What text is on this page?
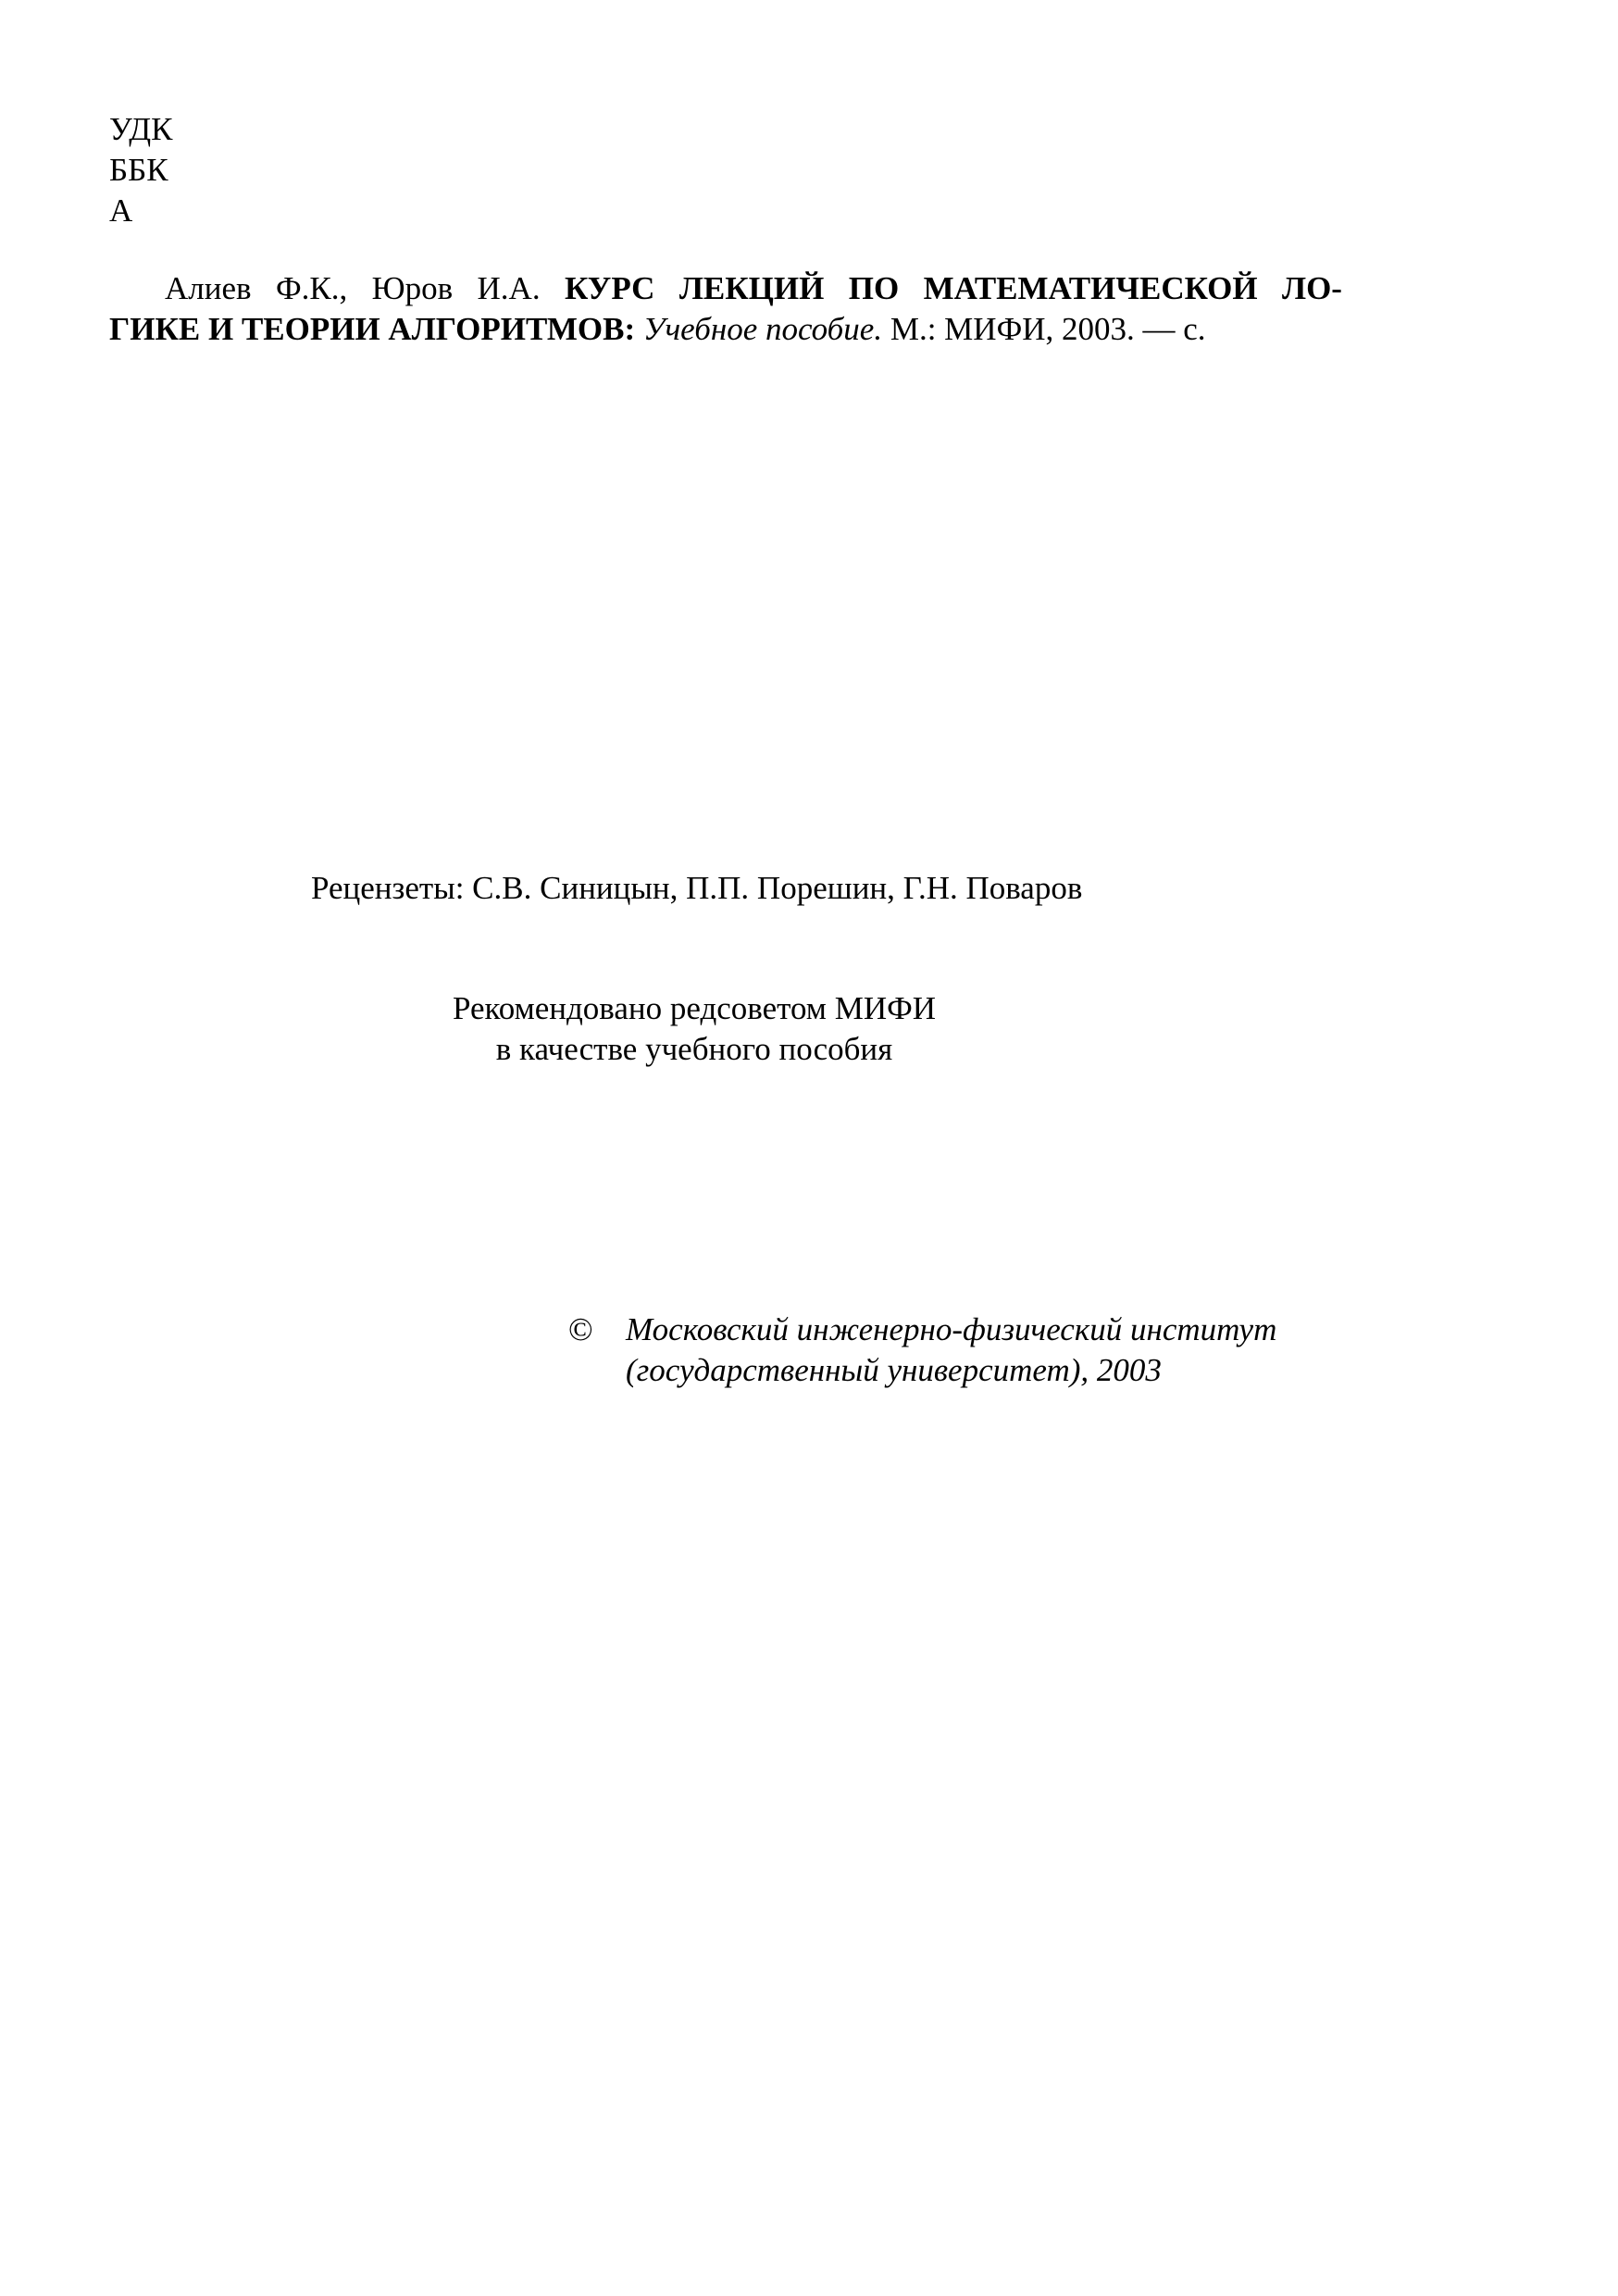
УДК
ББК
А
Алиев Ф.К., Юров И.А. КУРС ЛЕКЦИЙ ПО МАТЕМАТИЧЕСКОЙ ЛО-
ГИКЕ И ТЕОРИИ АЛГОРИТМОВ: Учебное пособие. М.: МИФИ, 2003. — с.
Рецензеты: С.В. Синицын, П.П. Порешин, Г.Н. Поваров
Рекомендовано редсоветом МИФИ
в качестве учебного пособия
© Московский инженерно-физический институт
(государственный университет), 2003
